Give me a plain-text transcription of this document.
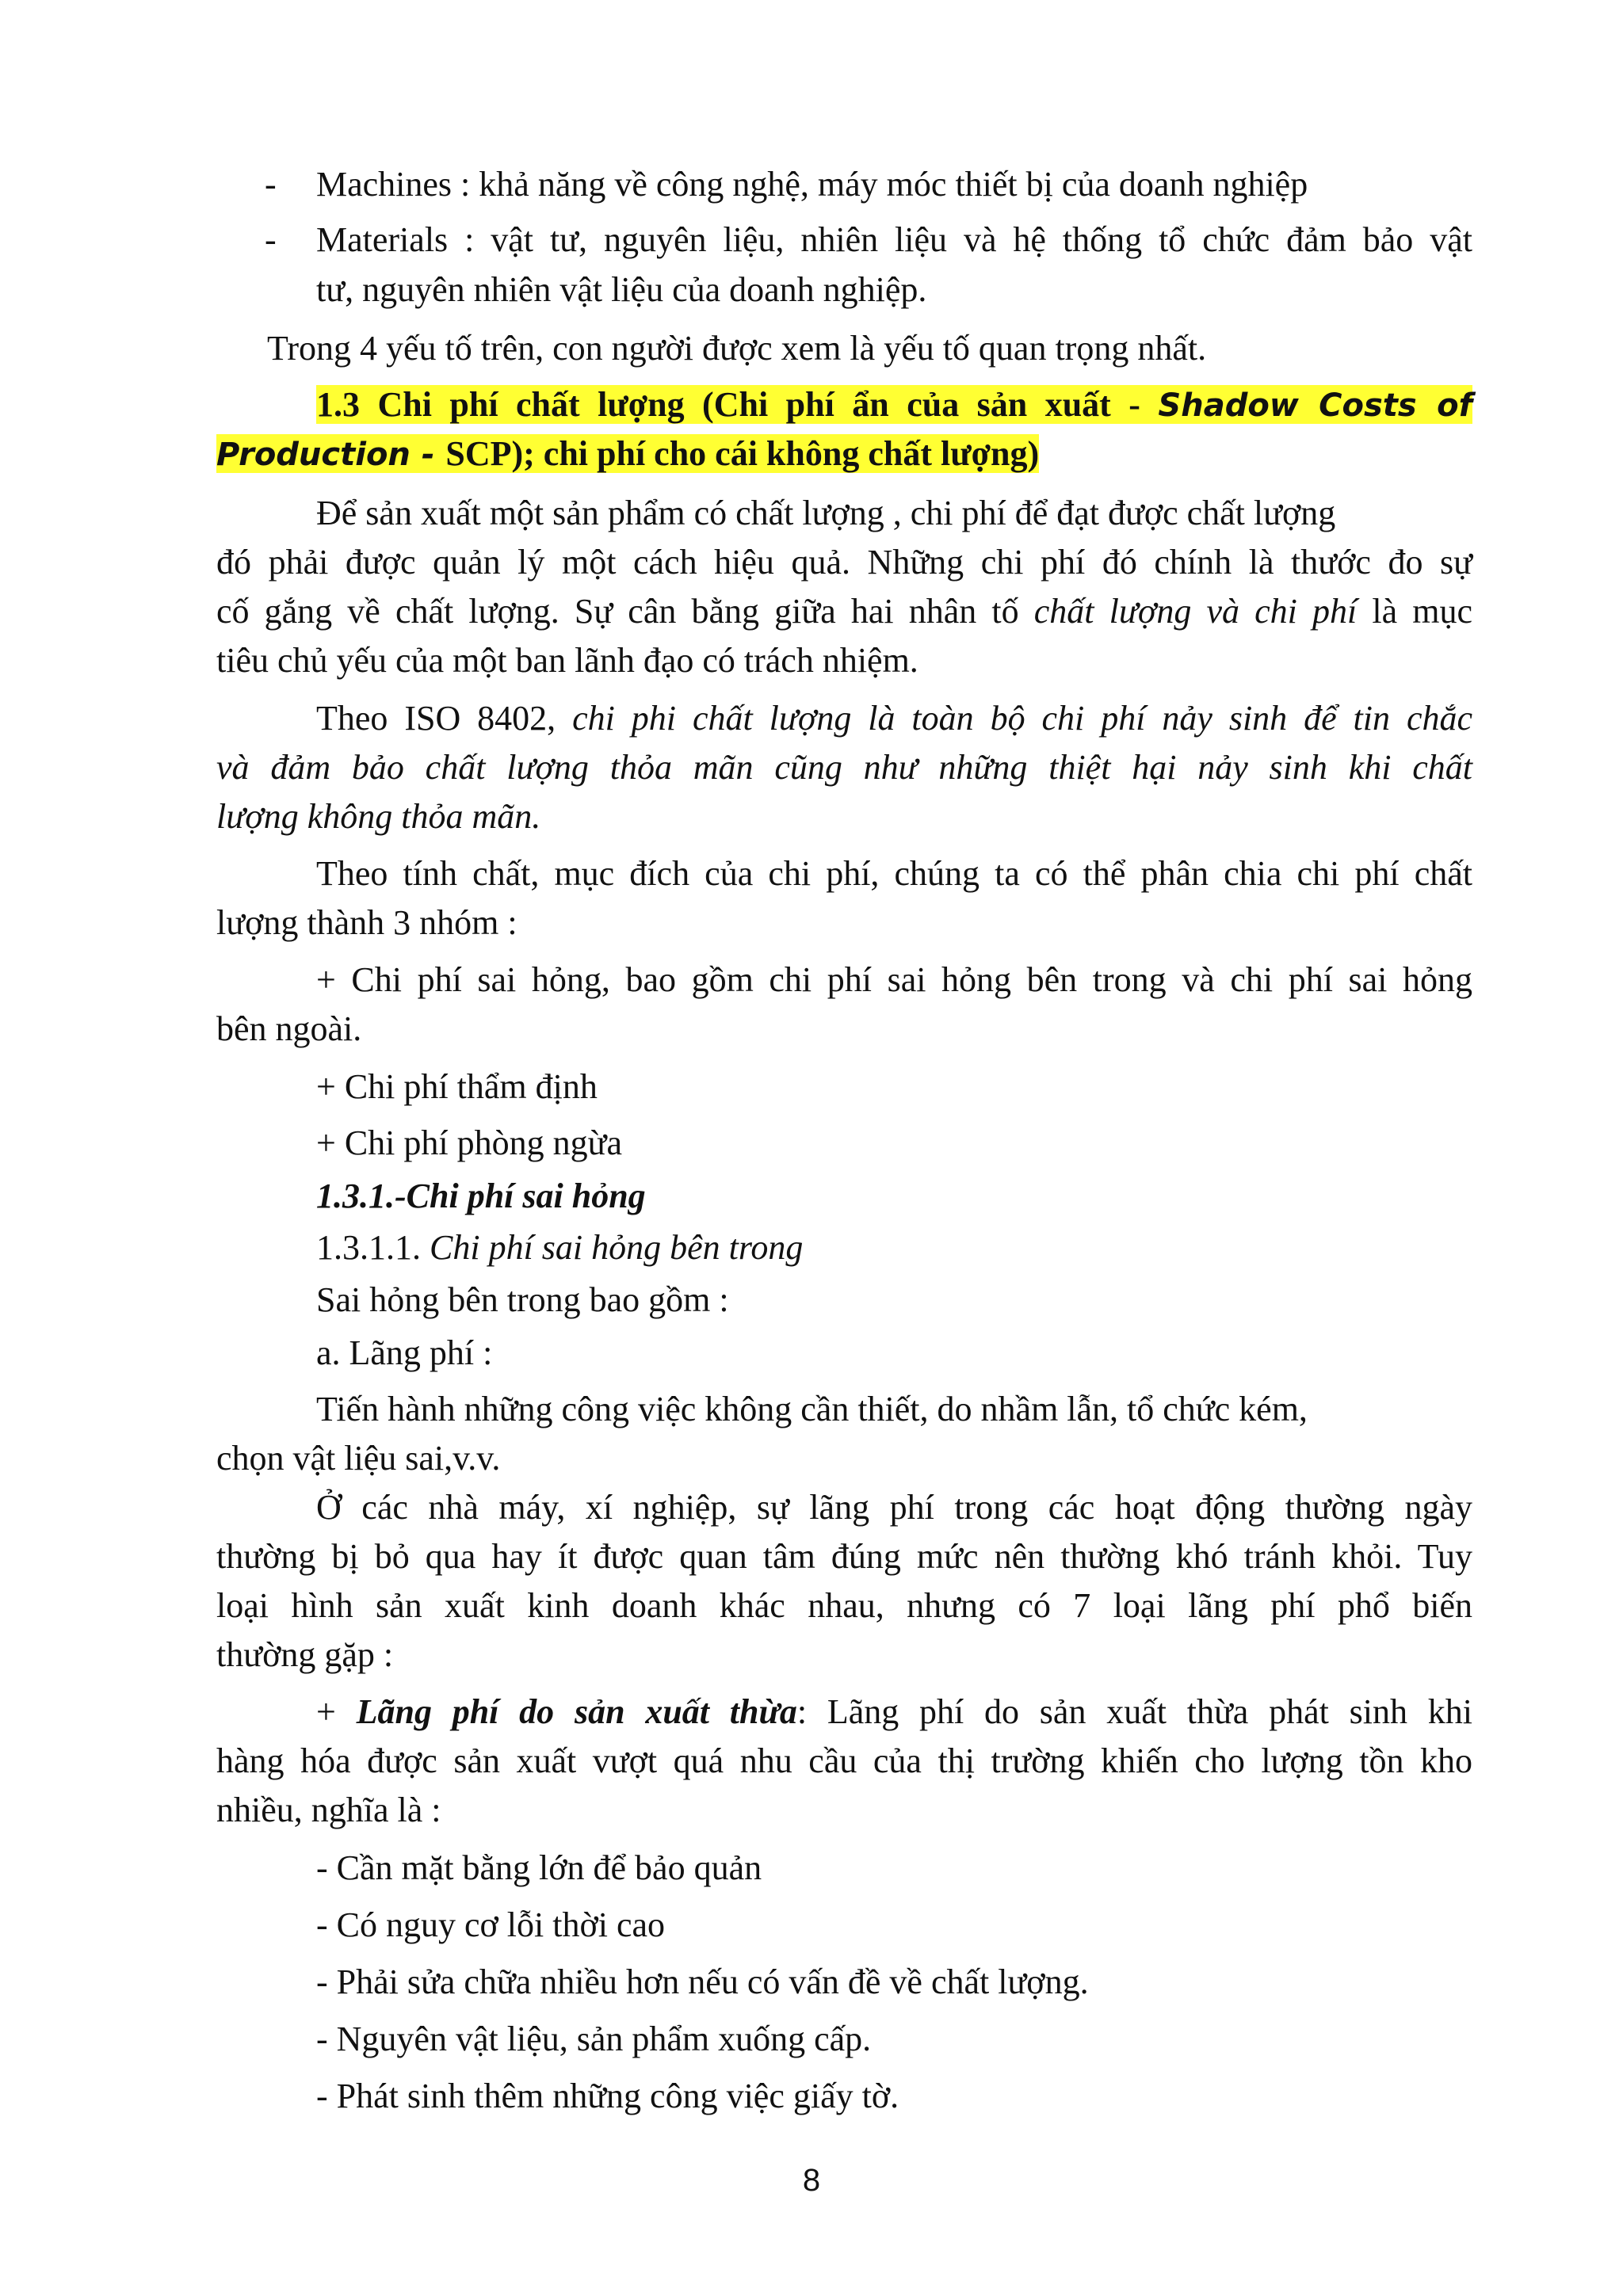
- Machines : khả năng về công nghệ, máy móc thiết bị của doanh nghiệp
- Materials : vật tư, nguyên liệu, nhiên liệu và hệ thống tổ chức đảm bảo vật
tư, nguyên nhiên vật liệu của doanh nghiệp.
Trong 4 yếu tố trên, con người được xem là yếu tố quan trọng nhất.
1.3 Chi phí chất lượng (Chi phí ẩn của sản xuất - Shadow Costs of
Production - SCP); chi phí cho cái không chất lượng)
Để sản xuất một sản phẩm có chất lượng , chi phí để đạt được chất lượng
đó phải được quản lý một cách hiệu quả. Những chi phí đó chính là thước đo sự
cố gắng về chất lượng. Sự cân bằng giữa hai nhân tố chất lượng và chi phí là mục
tiêu chủ yếu của một ban lãnh đạo có trách nhiệm.
Theo ISO 8402, chi phi chất lượng là toàn bộ chi phí nảy sinh để tin chắc
và đảm bảo chất lượng thỏa mãn cũng như những thiệt hại nảy sinh khi chất
lượng không thỏa mãn.
Theo tính chất, mục đích của chi phí, chúng ta có thể phân chia chi phí chất
lượng thành 3 nhóm :
+ Chi phí sai hỏng, bao gồm chi phí sai hỏng bên trong và chi phí sai hỏng
bên ngoài.
+ Chi phí thẩm định
+ Chi phí phòng ngừa
1.3.1.-Chi phí sai hỏng
1.3.1.1. Chi phí sai hỏng bên trong
Sai hỏng bên trong bao gồm :
a. Lãng phí :
Tiến hành những công việc không cần thiết, do nhầm lẫn, tổ chức kém,
chọn vật liệu sai,v.v.
Ở các nhà máy, xí nghiệp, sự lãng phí trong các hoạt động thường ngày
thường bị bỏ qua hay ít được quan tâm đúng mức nên thường khó tránh khỏi. Tuy
loại hình sản xuất kinh doanh khác nhau, nhưng có 7 loại lãng phí phổ biến
thường gặp :
+ Lãng phí do sản xuất thừa: Lãng phí do sản xuất thừa phát sinh khi
hàng hóa được sản xuất vượt quá nhu cầu của thị trường khiến cho lượng tồn kho
nhiều, nghĩa là :
- Cần mặt bằng lớn để bảo quản
- Có nguy cơ lỗi thời cao
- Phải sửa chữa nhiều hơn nếu có vấn đề về chất lượng.
- Nguyên vật liệu, sản phẩm xuống cấp.
- Phát sinh thêm những công việc giấy tờ.
8
